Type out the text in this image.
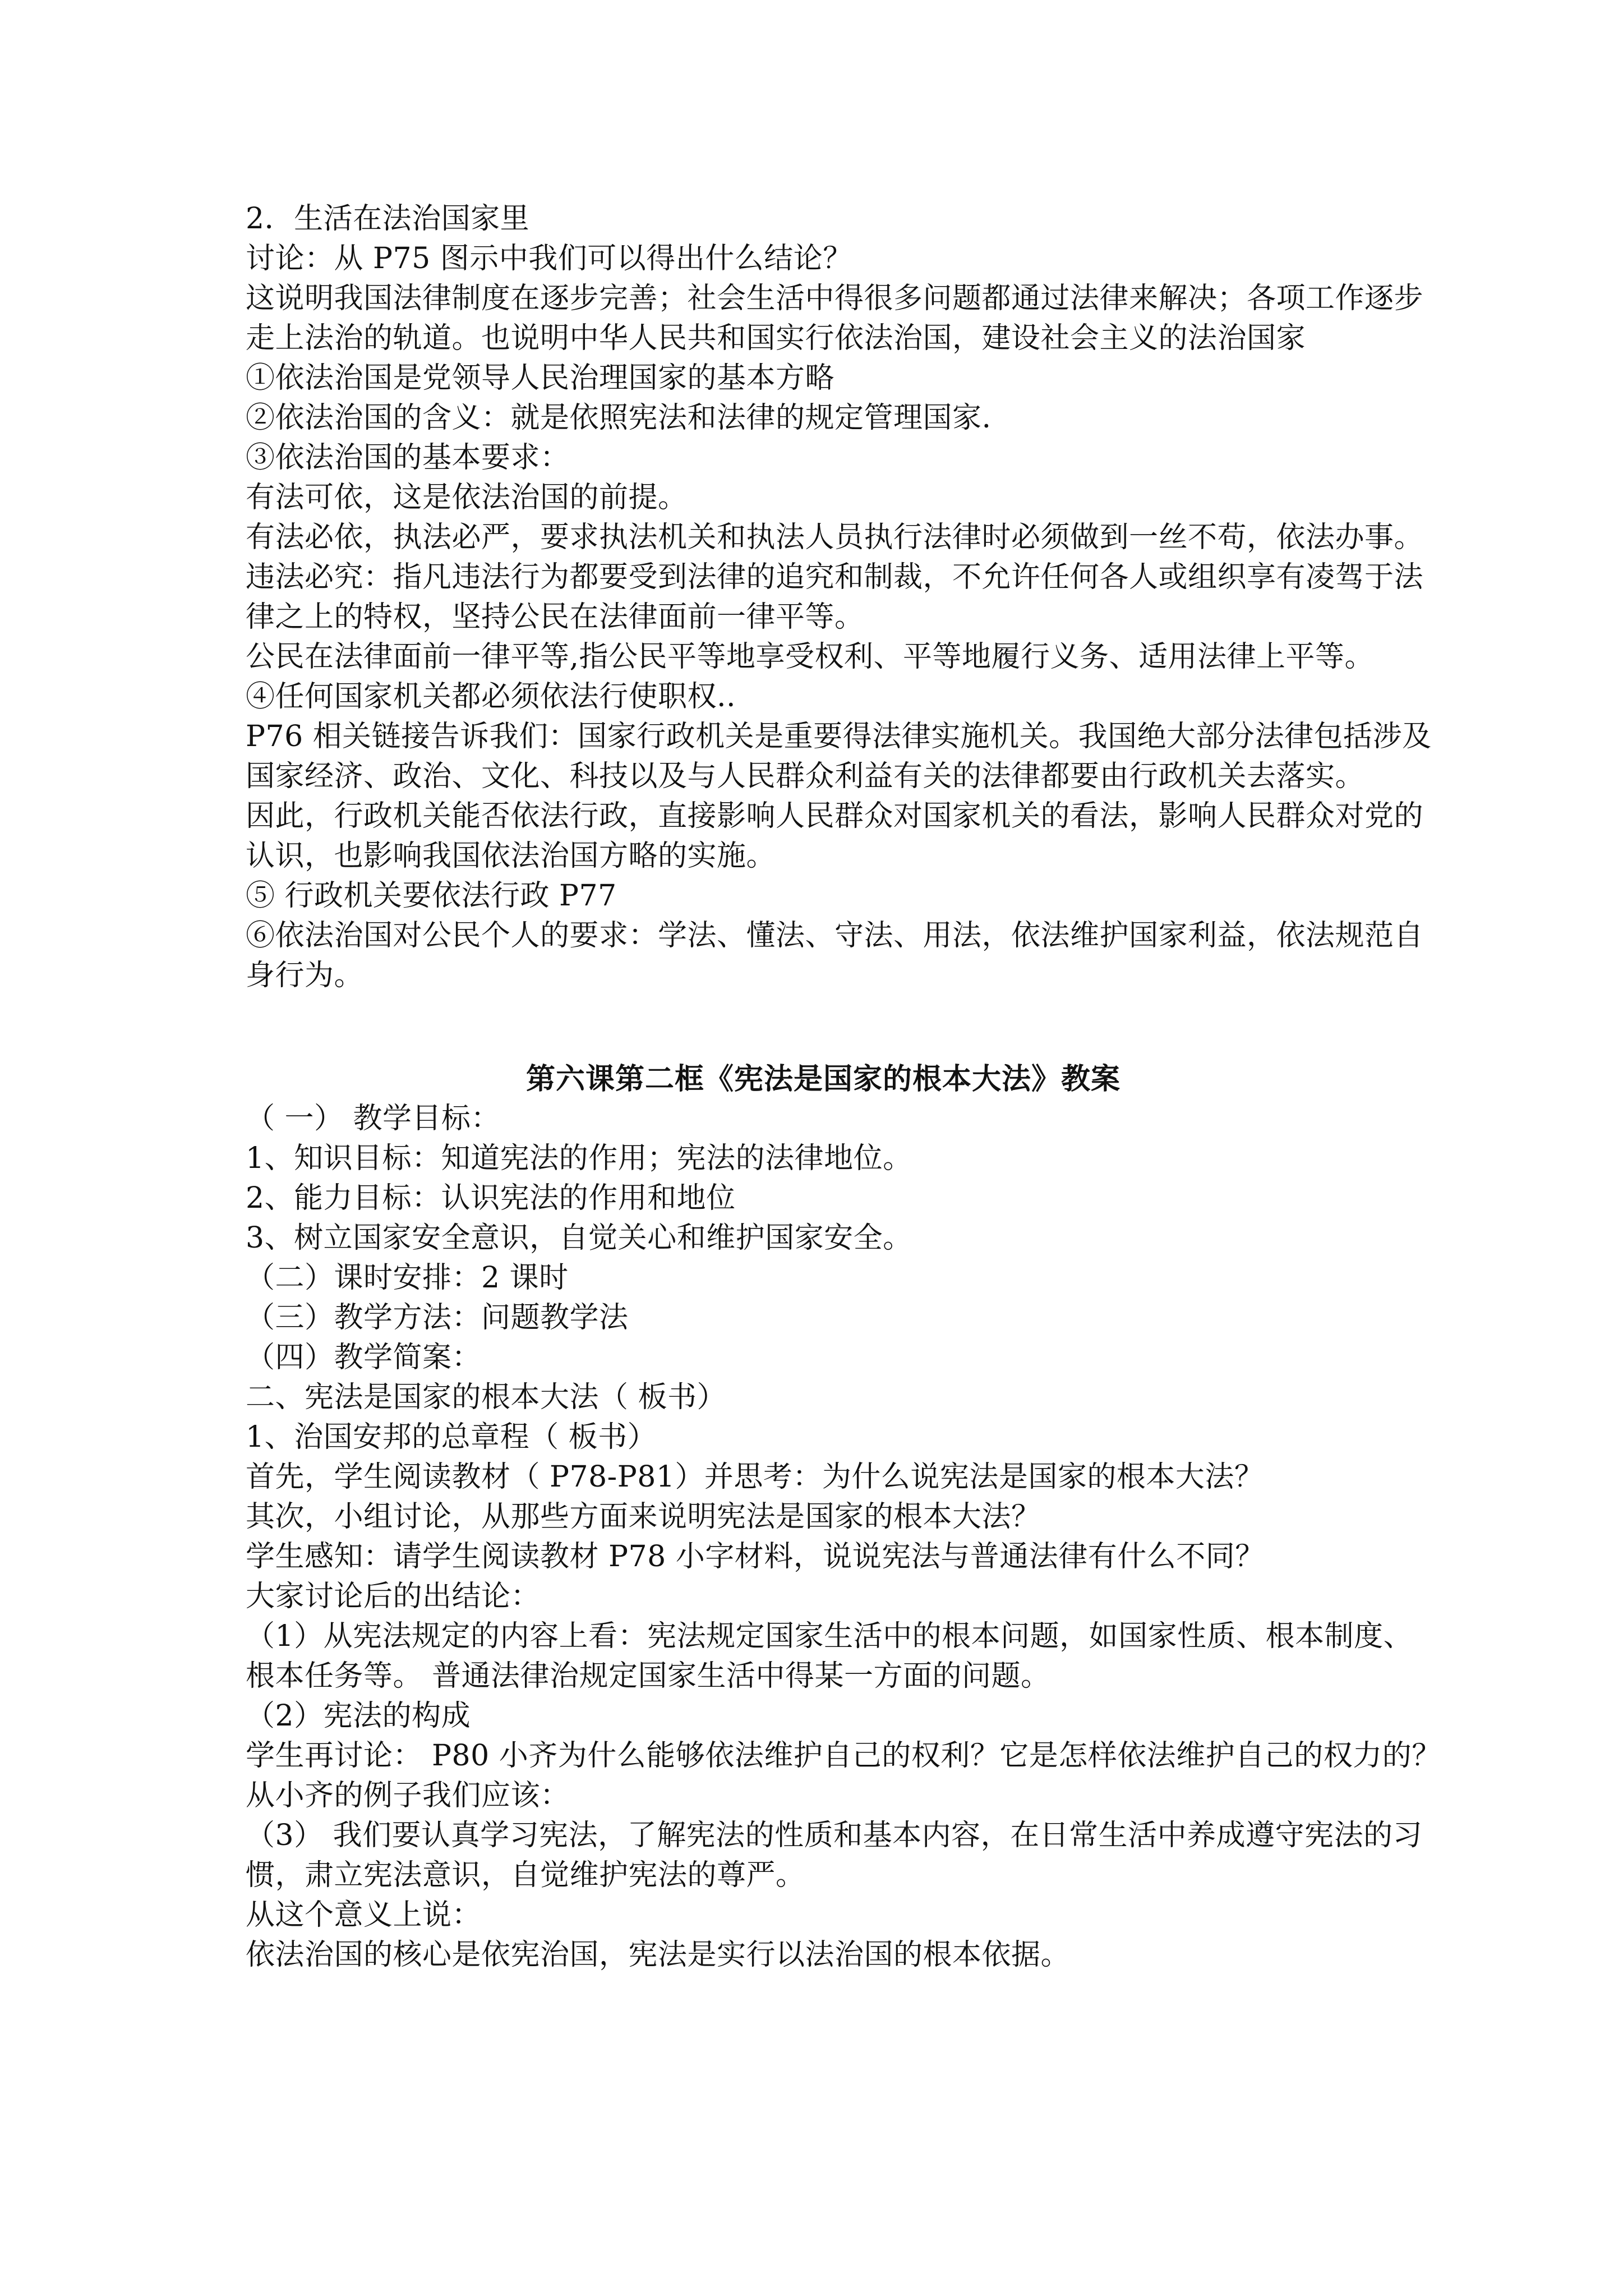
2．生活在法治国家里
讨论：从 P75 图示中我们可以得出什么结论？
这说明我国法律制度在逐步完善；社会生活中得很多问题都通过法律来解决；各项工作逐步
走上法治的轨道。也说明中华人民共和国实行依法治国，建设社会主义的法治国家
①依法治国是党领导人民治理国家的基本方略
②依法治国的含义：就是依照宪法和法律的规定管理国家.
③依法治国的基本要求：
有法可依，这是依法治国的前提。
有法必依，执法必严，要求执法机关和执法人员执行法律时必须做到一丝不苟，依法办事。
违法必究：指凡违法行为都要受到法律的追究和制裁，不允许任何各人或组织享有凌驾于法
律之上的特权，坚持公民在法律面前一律平等。
公民在法律面前一律平等,指公民平等地享受权利、平等地履行义务、适用法律上平等。
④任何国家机关都必须依法行使职权..
P76 相关链接告诉我们：国家行政机关是重要得法律实施机关。我国绝大部分法律包括涉及
国家经济、政治、文化、科技以及与人民群众利益有关的法律都要由行政机关去落实。
因此，行政机关能否依法行政，直接影响人民群众对国家机关的看法，影响人民群众对党的
认识，也影响我国依法治国方略的实施。
⑤ 行政机关要依法行政 P77
⑥依法治国对公民个人的要求：学法、懂法、守法、用法，依法维护国家利益，依法规范自
身行为。
第六课第二框《宪法是国家的根本大法》教案
（ 一） 教学目标：
1、知识目标：知道宪法的作用；宪法的法律地位。
2、能力目标：认识宪法的作用和地位
3、树立国家安全意识，自觉关心和维护国家安全。
（二）课时安排：2 课时
（三）教学方法：问题教学法
（四）教学简案：
二、宪法是国家的根本大法（ 板书）
1、治国安邦的总章程（ 板书）
首先，学生阅读教材（ P78-P81）并思考：为什么说宪法是国家的根本大法？
其次，小组讨论，从那些方面来说明宪法是国家的根本大法？
学生感知：请学生阅读教材 P78 小字材料，说说宪法与普通法律有什么不同？
大家讨论后的出结论：
（1）从宪法规定的内容上看：宪法规定国家生活中的根本问题，如国家性质、根本制度、
根本任务等。 普通法律治规定国家生活中得某一方面的问题。
（2）宪法的构成
学生再讨论： P80 小齐为什么能够依法维护自己的权利？它是怎样依法维护自己的权力的？
从小齐的例子我们应该：
（3） 我们要认真学习宪法，了解宪法的性质和基本内容，在日常生活中养成遵守宪法的习
惯，肃立宪法意识，自觉维护宪法的尊严。
从这个意义上说：
依法治国的核心是依宪治国，宪法是实行以法治国的根本依据。
